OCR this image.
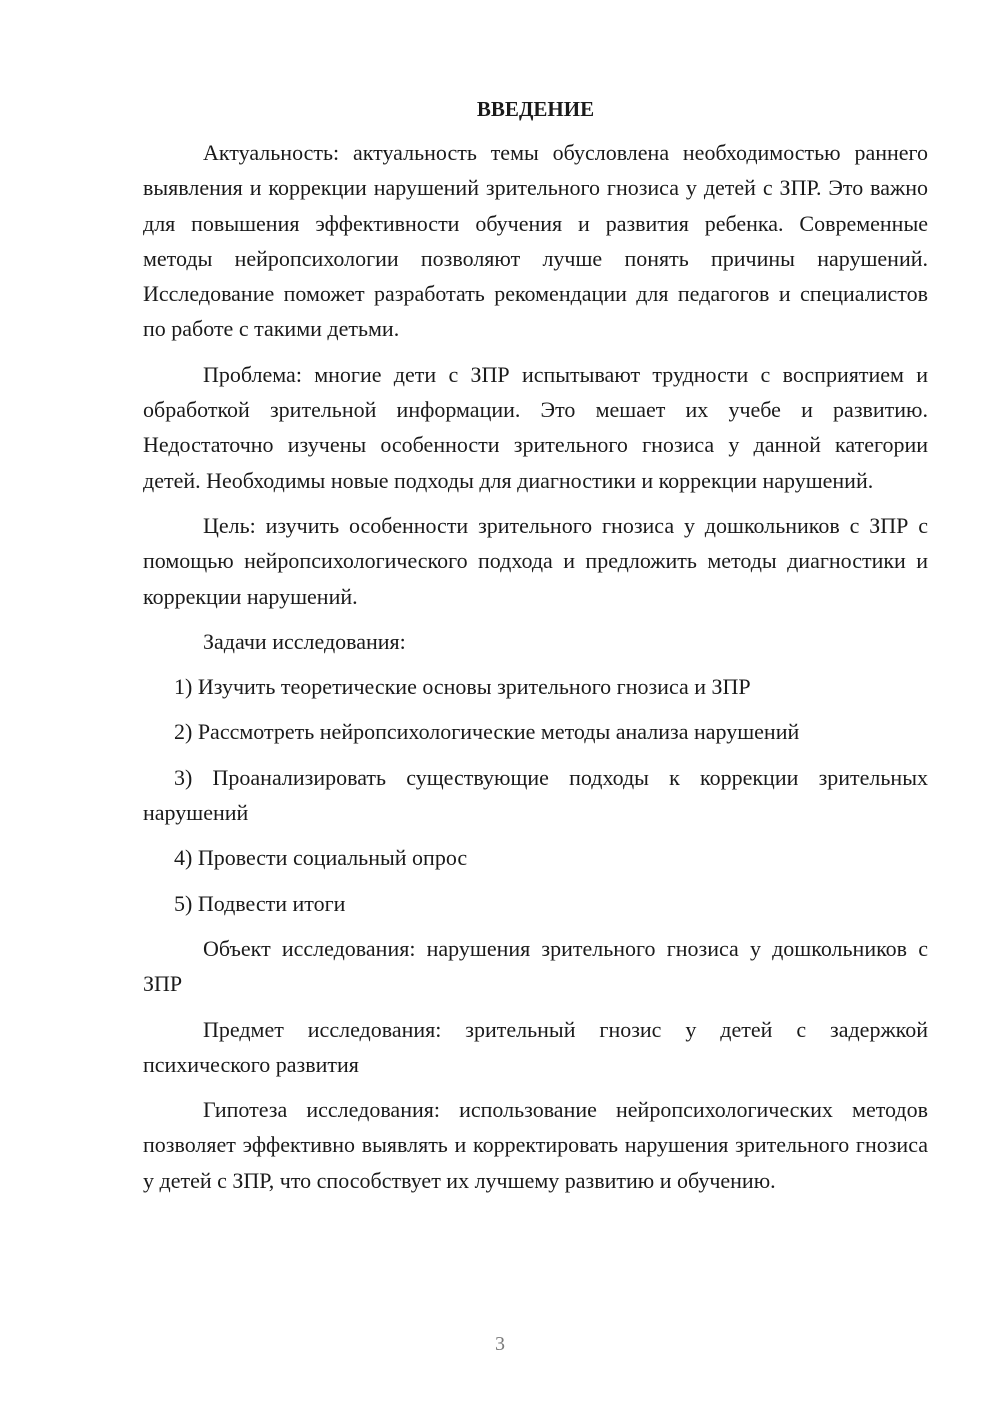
ВВЕДЕНИЕ

Актуальность: актуальность темы обусловлена необходимостью раннего выявления и коррекции нарушений зрительного гнозиса у детей с ЗПР. Это важно для повышения эффективности обучения и развития ребенка. Современные методы нейропсихологии позволяют лучше понять причины нарушений. Исследование поможет разработать рекомендации для педагогов и специалистов по работе с такими детьми.

Проблема: многие дети с ЗПР испытывают трудности с восприятием и обработкой зрительной информации. Это мешает их учебе и развитию. Недостаточно изучены особенности зрительного гнозиса у данной категории детей. Необходимы новые подходы для диагностики и коррекции нарушений.

Цель: изучить особенности зрительного гнозиса у дошкольников с ЗПР с помощью нейропсихологического подхода и предложить методы диагностики и коррекции нарушений.

Задачи исследования:

1) Изучить теоретические основы зрительного гнозиса и ЗПР

2) Рассмотреть нейропсихологические методы анализа нарушений

3) Проанализировать существующие подходы к коррекции зрительных нарушений

4) Провести социальный опрос

5) Подвести итоги

Объект исследования: нарушения зрительного гнозиса у дошкольников с ЗПР

Предмет исследования: зрительный гнозис у детей с задержкой психического развития

Гипотеза исследования: использование нейропсихологических методов позволяет эффективно выявлять и корректировать нарушения зрительного гнозиса у детей с ЗПР, что способствует их лучшему развитию и обучению.

3
